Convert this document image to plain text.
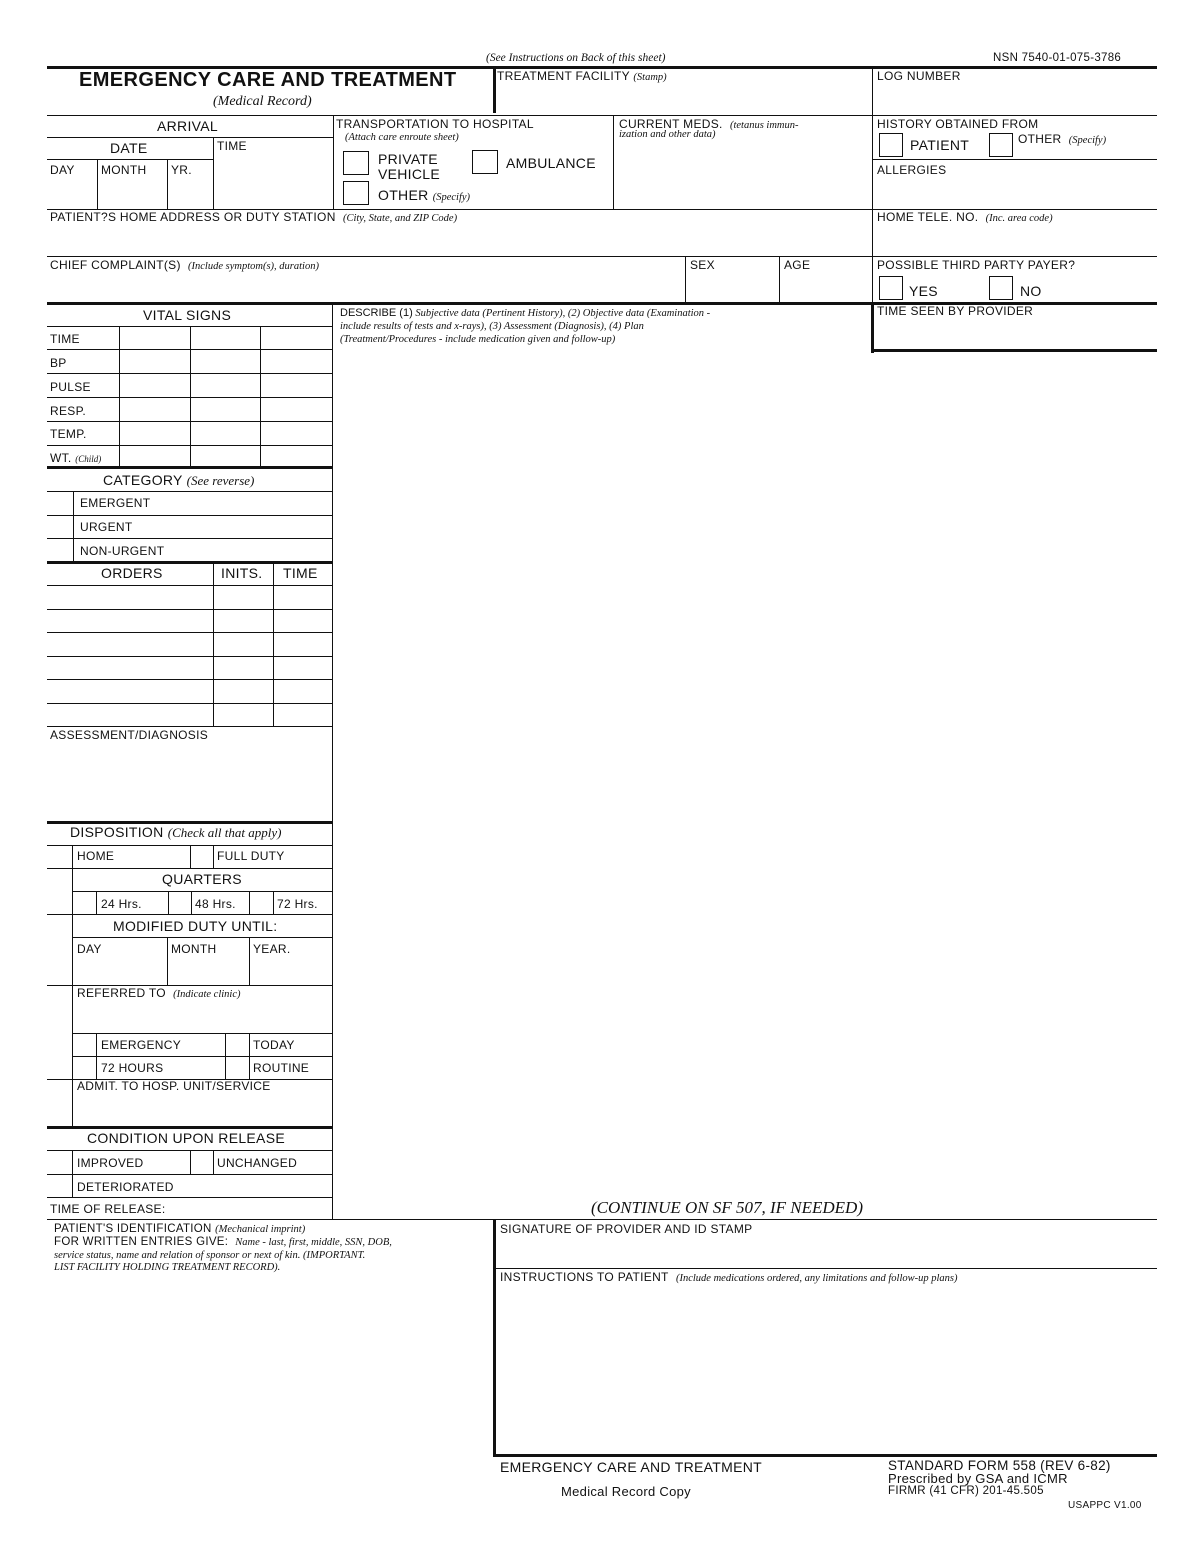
(See Instructions on Back of this sheet)	NSN 7540-01-075-3786
EMERGENCY CARE AND TREATMENT
(Medical Record)
TREATMENT FACILITY (Stamp)	LOG NUMBER
ARRIVAL
DATE	TIME
DAY MONTH YR.
TRANSPORTATION TO HOSPITAL
(Attach care enroute sheet)
PRIVATE
VEHICLE
AMBULANCE
OTHER (Specify)
CURRENT MEDS. (tetanus immun-
ization and other data)
HISTORY OBTAINED FROM
PATIENT	OTHER (Specify)
ALLERGIES
PATIENT?S HOME ADDRESS OR DUTY STATION (City, State, and ZIP Code)	HOME TELE. NO. (Inc. area code)
CHIEF COMPLAINT(S) (Include symptom(s), duration)	SEX	AGE	POSSIBLE THIRD PARTY PAYER?
YES	NO
VITAL SIGNS
TIME
BP
PULSE
RESP.
TEMP.
WT. (Child)
CATEGORY (See reverse)
EMERGENT
URGENT
NON-URGENT
ORDERS	INITS. TIME
ASSESSMENT/DIAGNOSIS
DISPOSITION (Check all that apply)
HOME	FULL DUTY
QUARTERS
24 Hrs.	48 Hrs.	72 Hrs.
MODIFIED DUTY UNTIL:
DAY	MONTH	YEAR.
REFERRED TO (Indicate clinic)
EMERGENCY	TODAY
72 HOURS	ROUTINE
ADMIT. TO HOSP. UNIT/SERVICE
CONDITION UPON RELEASE
IMPROVED	UNCHANGED
DETERIORATED
TIME OF RELEASE:
DESCRIBE (1) Subjective data (Pertinent History), (2) Objective data (Examination -
include results of tests and x-rays), (3) Assessment (Diagnosis), (4) Plan
(Treatment/Procedures - include medication given and follow-up)
TIME SEEN BY PROVIDER
(CONTINUE ON SF 507, IF NEEDED)
PATIENT'S IDENTIFICATION (Mechanical imprint)
FOR WRITTEN ENTRIES GIVE: Name - last, first, middle, SSN, DOB,
service status, name and relation of sponsor or next of kin. (IMPORTANT.
LIST FACILITY HOLDING TREATMENT RECORD).
SIGNATURE OF PROVIDER AND ID STAMP
INSTRUCTIONS TO PATIENT (Include medications ordered, any limitations and follow-up plans)
EMERGENCY CARE AND TREATMENT
Medical Record Copy
STANDARD FORM 558 (REV 6-82)
Prescribed by GSA and ICMR
FIRMR (41 CFR) 201-45.505
USAPPC V1.00
